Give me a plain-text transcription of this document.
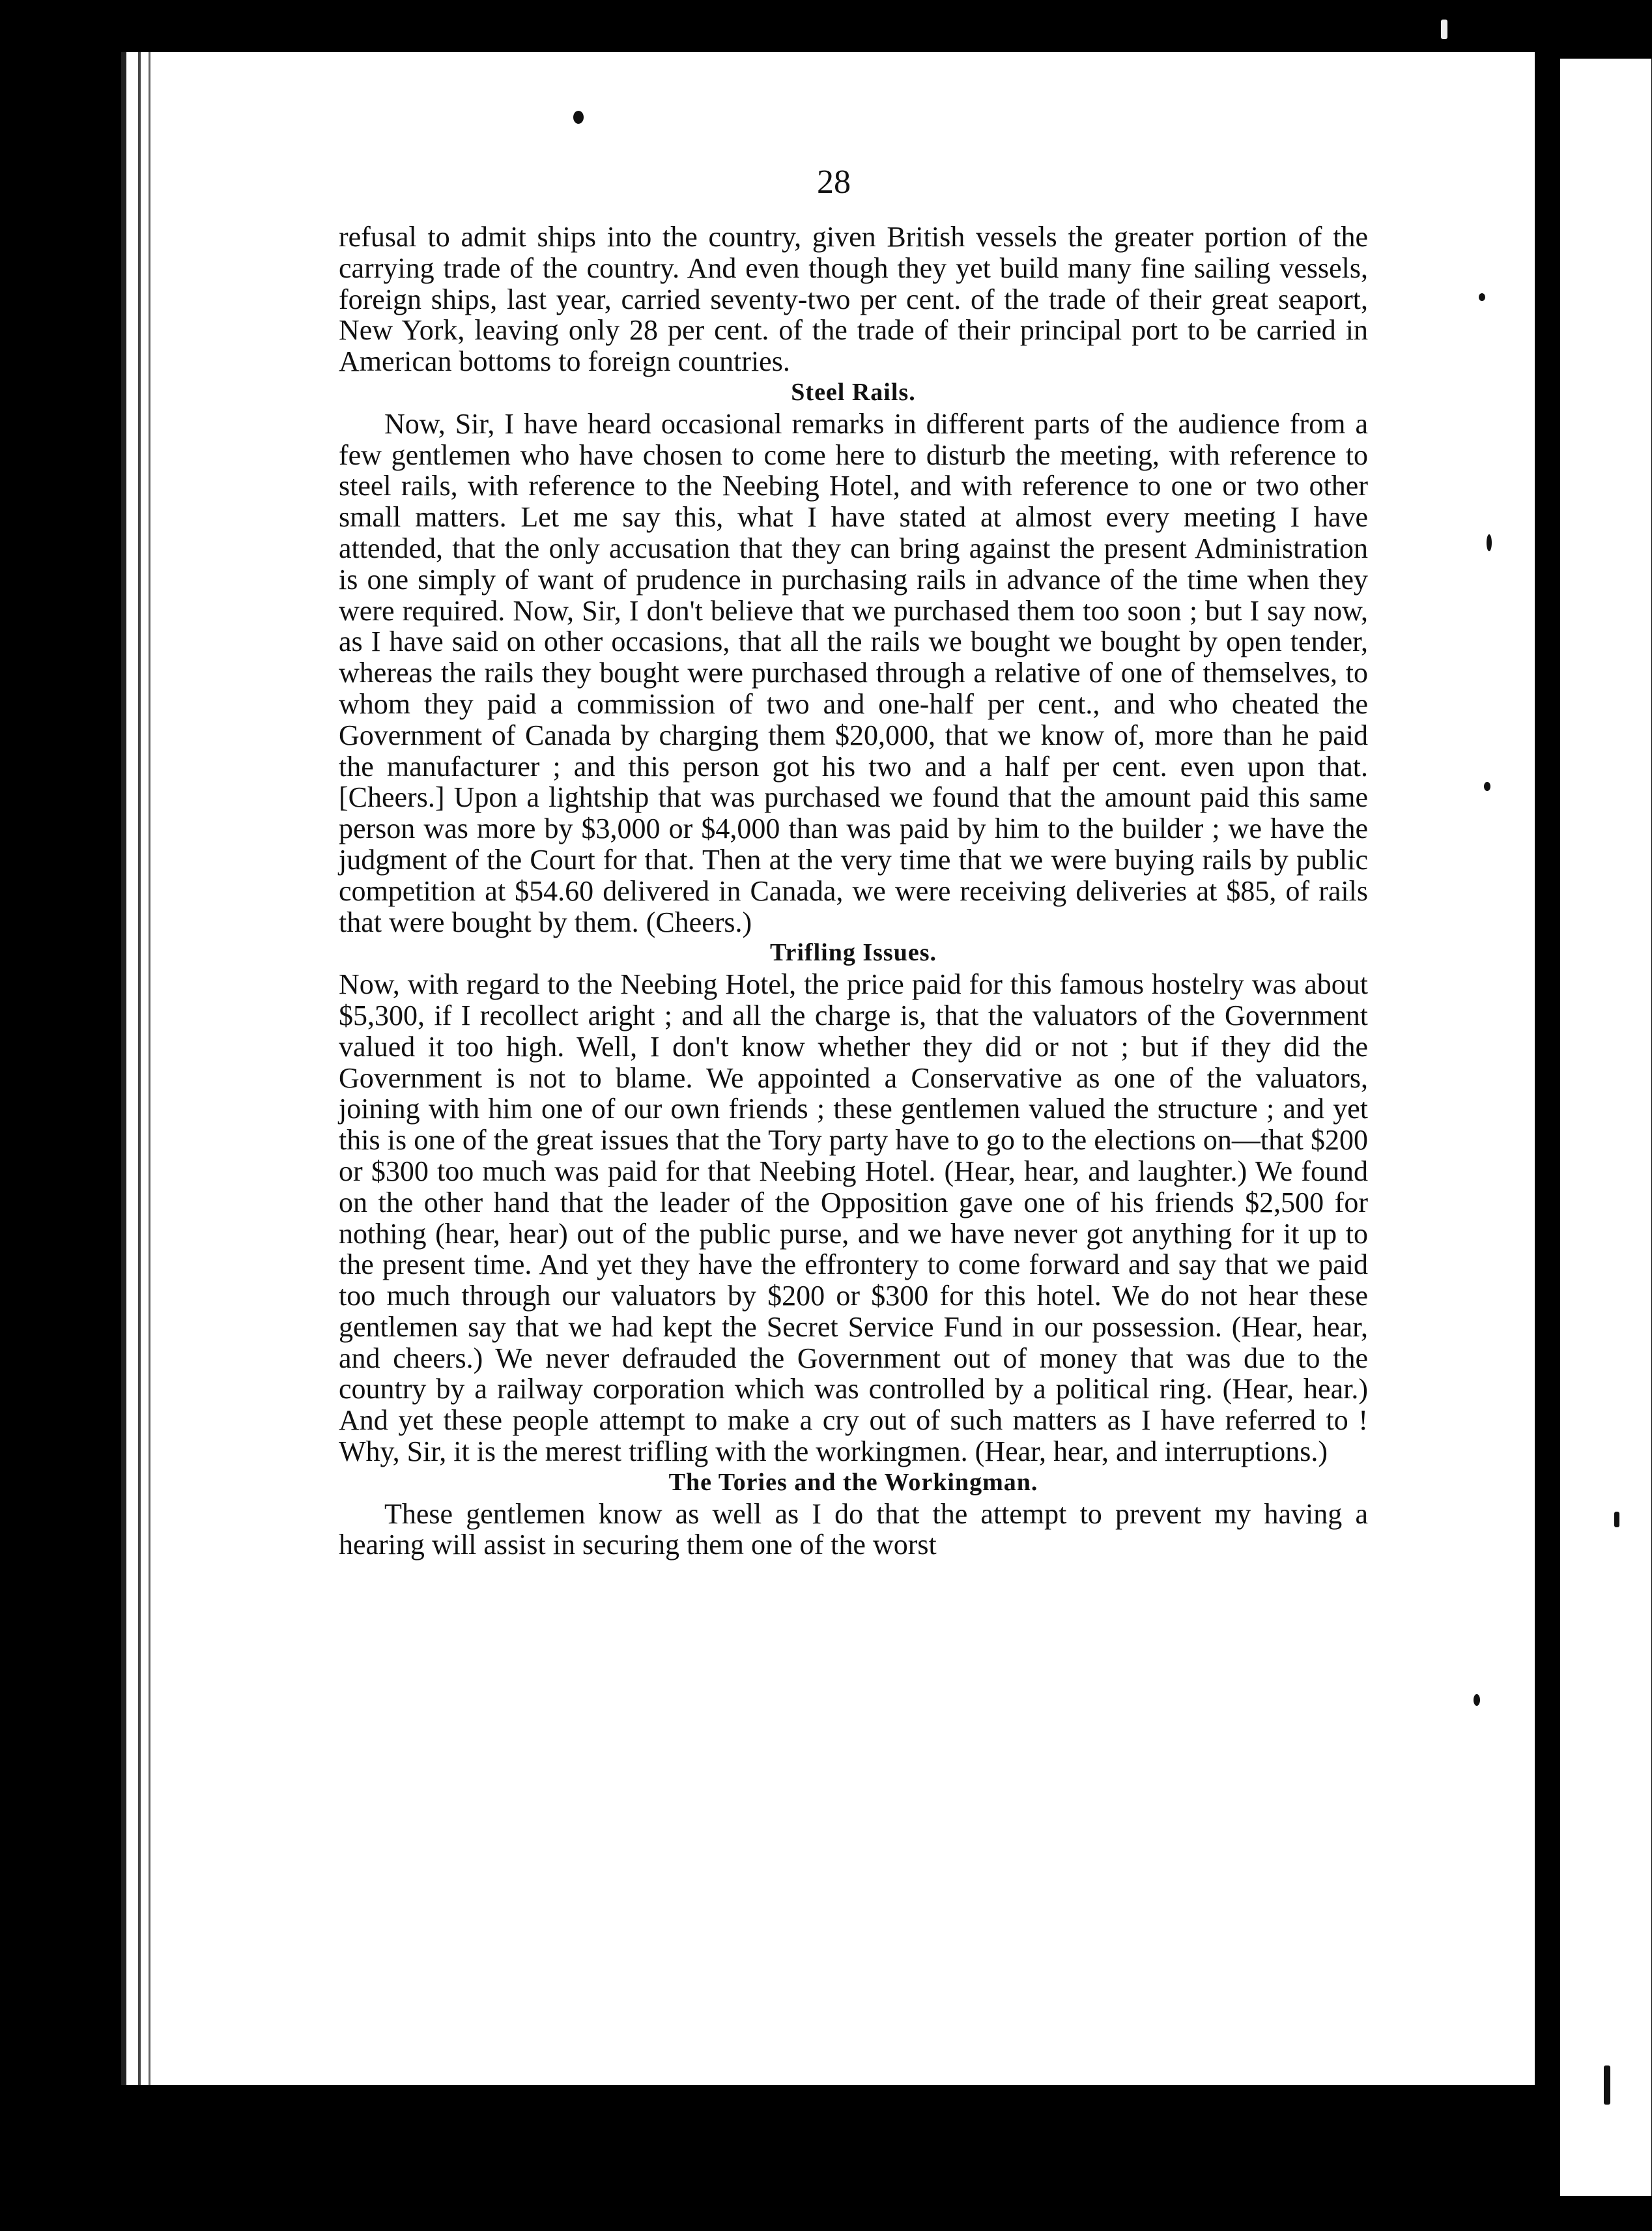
28

refusal to admit ships into the country, given British vessels the greater portion of the carrying trade of the country. And even though they yet build many fine sailing vessels, foreign ships, last year, carried seventy-two per cent. of the trade of their great seaport, New York, leaving only 28 per cent. of the trade of their principal port to be carried in American bottoms to foreign countries.

Steel Rails.

Now, Sir, I have heard occasional remarks in different parts of the audience from a few gentlemen who have chosen to come here to disturb the meeting, with reference to steel rails, with reference to the Neebing Hotel, and with reference to one or two other small matters. Let me say this, what I have stated at almost every meeting I have attended, that the only accusation that they can bring against the present Administration is one simply of want of prudence in purchasing rails in advance of the time when they were required. Now, Sir, I don't believe that we purchased them too soon ; but I say now, as I have said on other occasions, that all the rails we bought we bought by open tender, whereas the rails they bought were purchased through a relative of one of themselves, to whom they paid a commission of two and one-half per cent., and who cheated the Government of Canada by charging them $20,000, that we know of, more than he paid the manufacturer ; and this person got his two and a half per cent. even upon that. [Cheers.] Upon a lightship that was purchased we found that the amount paid this same person was more by $3,000 or $4,000 than was paid by him to the builder ; we have the judgment of the Court for that. Then at the very time that we were buying rails by public competition at $54.60 delivered in Canada, we were receiving deliveries at $85, of rails that were bought by them. (Cheers.)

Trifling Issues.

Now, with regard to the Neebing Hotel, the price paid for this famous hostelry was about $5,300, if I recollect aright ; and all the charge is, that the valuators of the Government valued it too high. Well, I don't know whether they did or not ; but if they did the Government is not to blame. We appointed a Conservative as one of the valuators, joining with him one of our own friends ; these gentlemen valued the structure ; and yet this is one of the great issues that the Tory party have to go to the elections on—that $200 or $300 too much was paid for that Neebing Hotel. (Hear, hear, and laughter.) We found on the other hand that the leader of the Opposition gave one of his friends $2,500 for nothing (hear, hear) out of the public purse, and we have never got anything for it up to the present time. And yet they have the effrontery to come forward and say that we paid too much through our valuators by $200 or $300 for this hotel. We do not hear these gentlemen say that we had kept the Secret Service Fund in our possession. (Hear, hear, and cheers.) We never defrauded the Government out of money that was due to the country by a railway corporation which was controlled by a political ring. (Hear, hear.) And yet these people attempt to make a cry out of such matters as I have referred to ! Why, Sir, it is the merest trifling with the workingmen. (Hear, hear, and interruptions.)

The Tories and the Workingman.

These gentlemen know as well as I do that the attempt to prevent my having a hearing will assist in securing them one of the worst
